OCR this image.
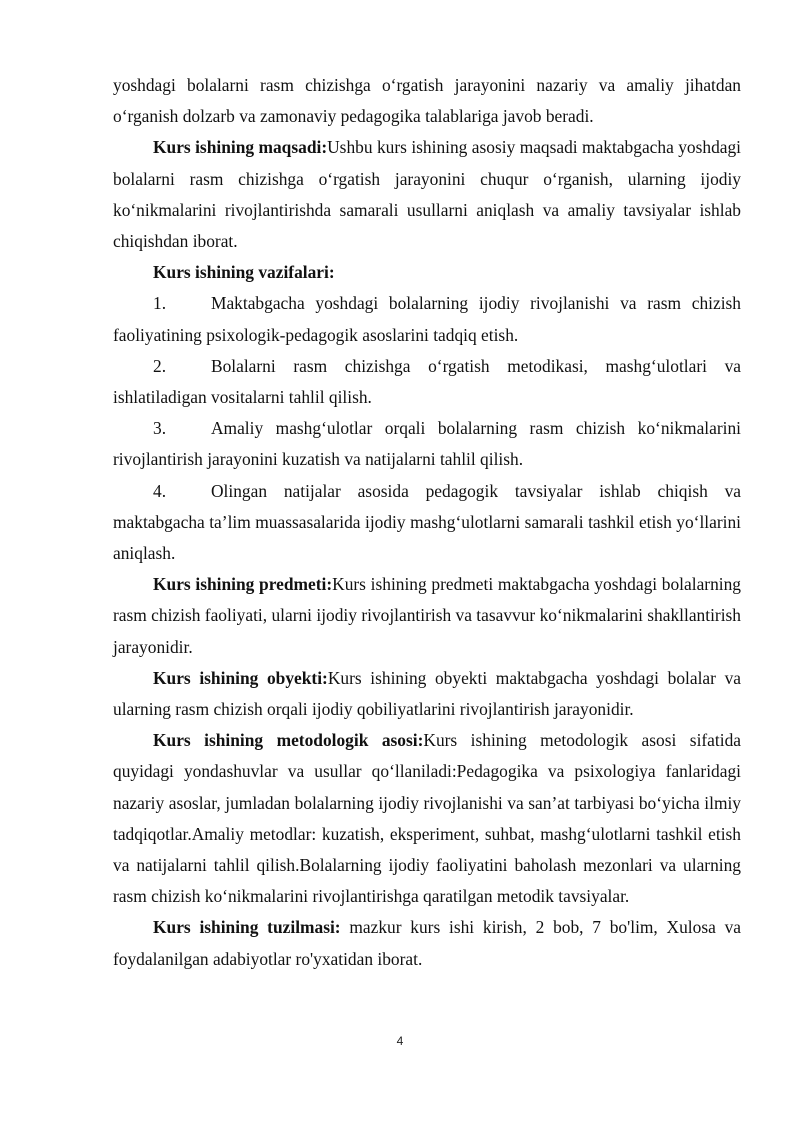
yoshdagi bolalarni rasm chizishga o‘rgatish jarayonini nazariy va amaliy jihatdan o‘rganish dolzarb va zamonaviy pedagogika talablariga javob beradi.

Kurs ishining maqsadi:Ushbu kurs ishining asosiy maqsadi maktabgacha yoshdagi bolalarni rasm chizishga o‘rgatish jarayonini chuqur o‘rganish, ularning ijodiy ko‘nikmalarini rivojlantirishda samarali usullarni aniqlash va amaliy tavsiyalar ishlab chiqishdan iborat.

Kurs ishining vazifalari:

1.	Maktabgacha yoshdagi bolalarning ijodiy rivojlanishi va rasm chizish faoliyatining psixologik-pedagogik asoslarini tadqiq etish.

2.	Bolalarni rasm chizishga o‘rgatish metodikasi, mashg‘ulotlari va ishlatiladigan vositalarni tahlil qilish.

3.	Amaliy mashg‘ulotlar orqali bolalarning rasm chizish ko‘nikmalarini rivojlantirish jarayonini kuzatish va natijalarni tahlil qilish.

4.	Olingan natijalar asosida pedagogik tavsiyalar ishlab chiqish va maktabgacha ta’lim muassasalarida ijodiy mashg‘ulotlarni samarali tashkil etish yo‘llarini aniqlash.

Kurs ishining predmeti:Kurs ishining predmeti maktabgacha yoshdagi bolalarning rasm chizish faoliyati, ularni ijodiy rivojlantirish va tasavvur ko‘nikmalarini shakllantirish jarayonidir.

Kurs ishining obyekti:Kurs ishining obyekti maktabgacha yoshdagi bolalar va ularning rasm chizish orqali ijodiy qobiliyatlarini rivojlantirish jarayonidir.

Kurs ishining metodologik asosi:Kurs ishining metodologik asosi sifatida quyidagi yondashuvlar va usullar qo‘llaniladi:Pedagogika va psixologiya fanlaridagi nazariy asoslar, jumladan bolalarning ijodiy rivojlanishi va san’at tarbiyasi bo‘yicha ilmiy tadqiqotlar.Amaliy metodlar: kuzatish, eksperiment, suhbat, mashg‘ulotlarni tashkil etish va natijalarni tahlil qilish.Bolalarning ijodiy faoliyatini baholash mezonlari va ularning rasm chizish ko‘nikmalarini rivojlantirishga qaratilgan metodik tavsiyalar.

Kurs ishining tuzilmasi: mazkur kurs ishi kirish, 2 bob, 7 bo'lim, Xulosa va foydalanilgan adabiyotlar ro'yxatidan iborat.

4
